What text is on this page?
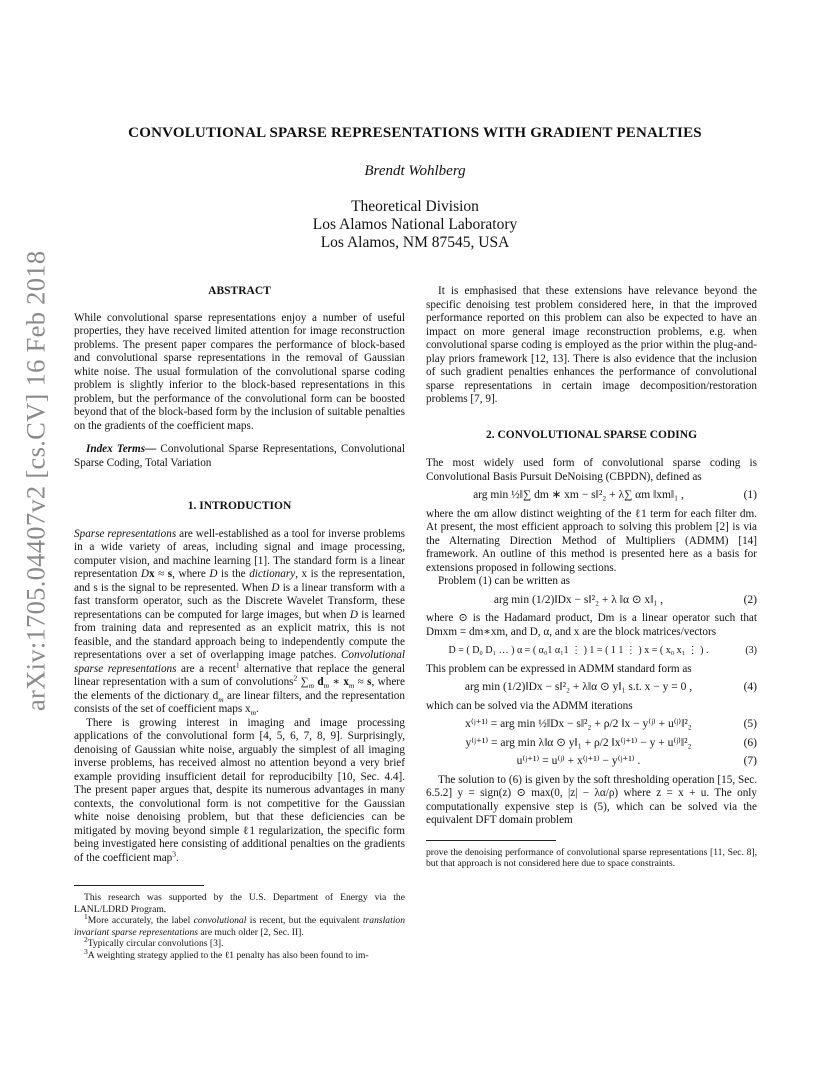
arXiv:1705.04407v2 [cs.CV] 16 Feb 2018
CONVOLUTIONAL SPARSE REPRESENTATIONS WITH GRADIENT PENALTIES
Brendt Wohlberg
Theoretical Division
Los Alamos National Laboratory
Los Alamos, NM 87545, USA
ABSTRACT

While convolutional sparse representations enjoy a number of useful properties, they have received limited attention for image reconstruction problems. The present paper compares the performance of block-based and convolutional sparse representations in the removal of Gaussian white noise. The usual formulation of the convolutional sparse coding problem is slightly inferior to the block-based representations in this problem, but the performance of the convolutional form can be boosted beyond that of the block-based form by the inclusion of suitable penalties on the gradients of the coefficient maps.

Index Terms— Convolutional Sparse Representations, Convolutional Sparse Coding, Total Variation

1. INTRODUCTION

Sparse representations are well-established as a tool for inverse problems in a wide variety of areas, including signal and image processing, computer vision, and machine learning [1]. The standard form is a linear representation Dx ≈ s, where D is the dictionary, x is the representation, and s is the signal to be represented. When D is a linear transform with a fast transform operator, such as the Discrete Wavelet Transform, these representations can be computed for large images, but when D is learned from training data and represented as an explicit matrix, this is not feasible, and the standard approach being to independently compute the representations over a set of overlapping image patches. Convolutional sparse representations are a recent$^1$ alternative that replace the general linear representation with a sum of convolutions$^2$ $\sum_m$ $d_m$ ∗ $x_m \approx s$, where the elements of the dictionary $d_m$ are linear filters, and the representation consists of the set of coefficient maps $x_m$.

There is growing interest in imaging and image processing applications of the convolutional form [4, 5, 6, 7, 8, 9]. Surprisingly, denoising of Gaussian white noise, arguably the simplest of all imaging inverse problems, has received almost no attention beyond a very brief example providing insufficient detail for reproducibilty [10, Sec. 4.4]. The present paper argues that, despite its numerous advantages in many contexts, the convolutional form is not competitive for the Gaussian white noise denoising problem, but that these deficiencies can be mitigated by moving beyond simple ℓ1 regularization, the specific form being investigated here consisting of additional penalties on the gradients of the coefficient map$^3$.

This research was supported by the U.S. Department of Energy via the LANL/LDRD Program.

$^1$More accurately, the label convolutional is recent, but the equivalent translation invariant sparse representations are much older [2, Sec. II].

$^2$Typically circular convolutions [3].

$^3$A weighting strategy applied to the ℓ1 penalty has also been found to im-

It is emphasised that these extensions have relevance beyond the specific denoising test problem considered here, in that the improved performance reported on this problem can also be expected to have an impact on more general image reconstruction problems, e.g. when convolutional sparse coding is employed as the prior within the plug-and-play priors framework [12, 13]. There is also evidence that the inclusion of such gradient penalties enhances the performance of convolutional sparse representations in certain image decomposition/restoration problems [7, 9].

2. CONVOLUTIONAL SPARSE CODING

The most widely used form of convolutional sparse coding is Convolutional Basis Pursuit DeNoising (CBPDN), defined as

arg min ½‖∑ dm ∗ xm − s‖²₂ + λ∑ αm ‖xm‖₁ ,	(1)

where the αm allow distinct weighting of the ℓ1 term for each filter dm. At present, the most efficient approach to solving this problem [2] is via the Alternating Direction Method of Multipliers (ADMM) [14] framework. An outline of this method is presented here as a basis for extensions proposed in following sections.

Problem (1) can be written as

arg min (1/2)‖Dx − s‖²₂ + λ ‖α ⊙ x‖₁ ,	(2)

where ⊙ is the Hadamard product, Dm is a linear operator such that Dmxm = dm∗xm, and D, α, and x are the block matrices/vectors

D = ( D₀ D₁ … ) α = ( α₀1 α₁1 ⋮ ) 1 = ( 1 1 ⋮ ) x = ( x₀ x₁ ⋮ ) .	(3)

This problem can be expressed in ADMM standard form as

arg min (1/2)‖Dx − s‖²₂ + λ‖α ⊙ y‖₁ s.t. x − y = 0 ,	(4)

which can be solved via the ADMM iterations

x⁽ʲ⁺¹⁾ = arg min ½‖Dx − s‖²₂ + ρ/2 ‖x − y⁽ʲ⁾ + u⁽ʲ⁾‖²₂	(5)
y⁽ʲ⁺¹⁾ = arg min λ‖α ⊙ y‖₁ + ρ/2 ‖x⁽ʲ⁺¹⁾ − y + u⁽ʲ⁾‖²₂	(6)
u⁽ʲ⁺¹⁾ = u⁽ʲ⁾ + x⁽ʲ⁺¹⁾ − y⁽ʲ⁺¹⁾ .	(7)

The solution to (6) is given by the soft thresholding operation [15, Sec. 6.5.2] y = sign(z) ⊙ max(0, |z| − λα/ρ) where z = x + u. The only computationally expensive step is (5), which can be solved via the equivalent DFT domain problem

prove the denoising performance of convolutional sparse representations [11, Sec. 8], but that approach is not considered here due to space constraints.
